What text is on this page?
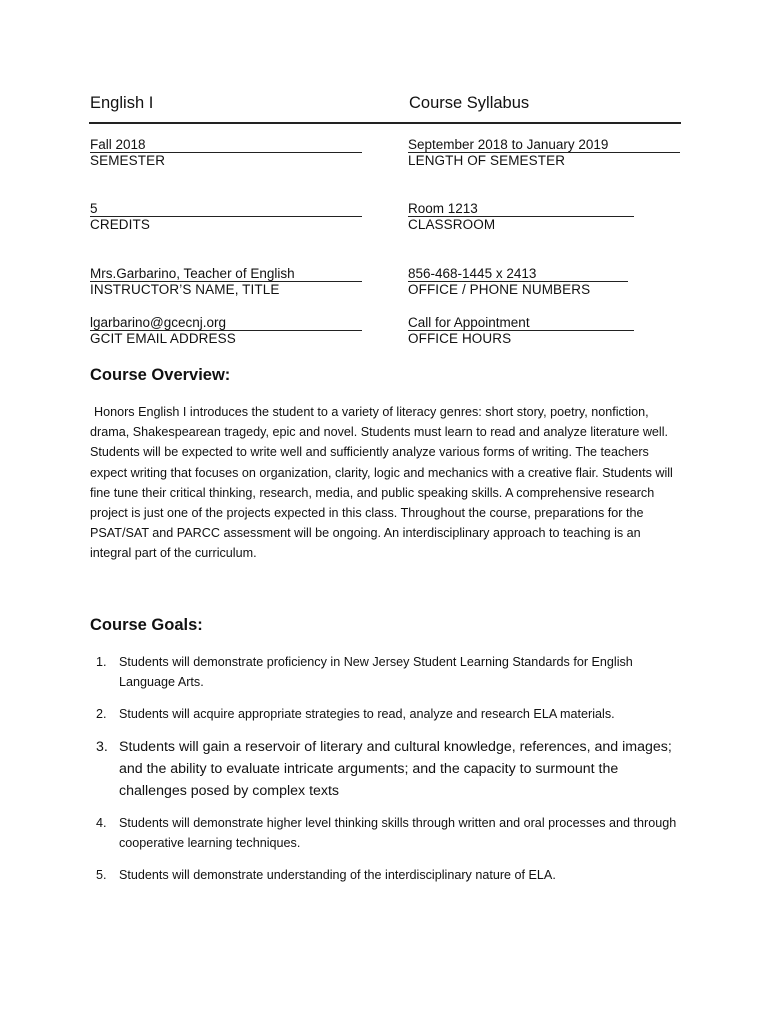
English I	Course Syllabus
Fall 2018
SEMESTER
September 2018 to January 2019
LENGTH OF SEMESTER
5
CREDITS
Room 1213
CLASSROOM
Mrs.Garbarino, Teacher of English
INSTRUCTOR’S NAME, TITLE
856-468-1445 x 2413
OFFICE / PHONE NUMBERS
lgarbarino@gcecnj.org
GCIT EMAIL ADDRESS
Call for Appointment
OFFICE HOURS
Course Overview:
Honors English I introduces the student to a variety of literacy genres: short story, poetry, nonfiction, drama, Shakespearean tragedy, epic and novel. Students must learn to read and analyze literature well. Students will be expected to write well and sufficiently analyze various forms of writing. The teachers expect writing that focuses on organization, clarity, logic and mechanics with a creative flair. Students will fine tune their critical thinking, research, media, and public speaking skills. A comprehensive research project is just one of the projects expected in this class. Throughout the course, preparations for the PSAT/SAT and PARCC assessment will be ongoing. An interdisciplinary approach to teaching is an integral part of the curriculum.
Course Goals:
1. Students will demonstrate proficiency in New Jersey Student Learning Standards for English Language Arts.
2. Students will acquire appropriate strategies to read, analyze and research ELA materials.
3. Students will gain a reservoir of literary and cultural knowledge, references, and images; and the ability to evaluate intricate arguments; and the capacity to surmount the challenges posed by complex texts
4. Students will demonstrate higher level thinking skills through written and oral processes and through cooperative learning techniques.
5. Students will demonstrate understanding of the interdisciplinary nature of ELA.
